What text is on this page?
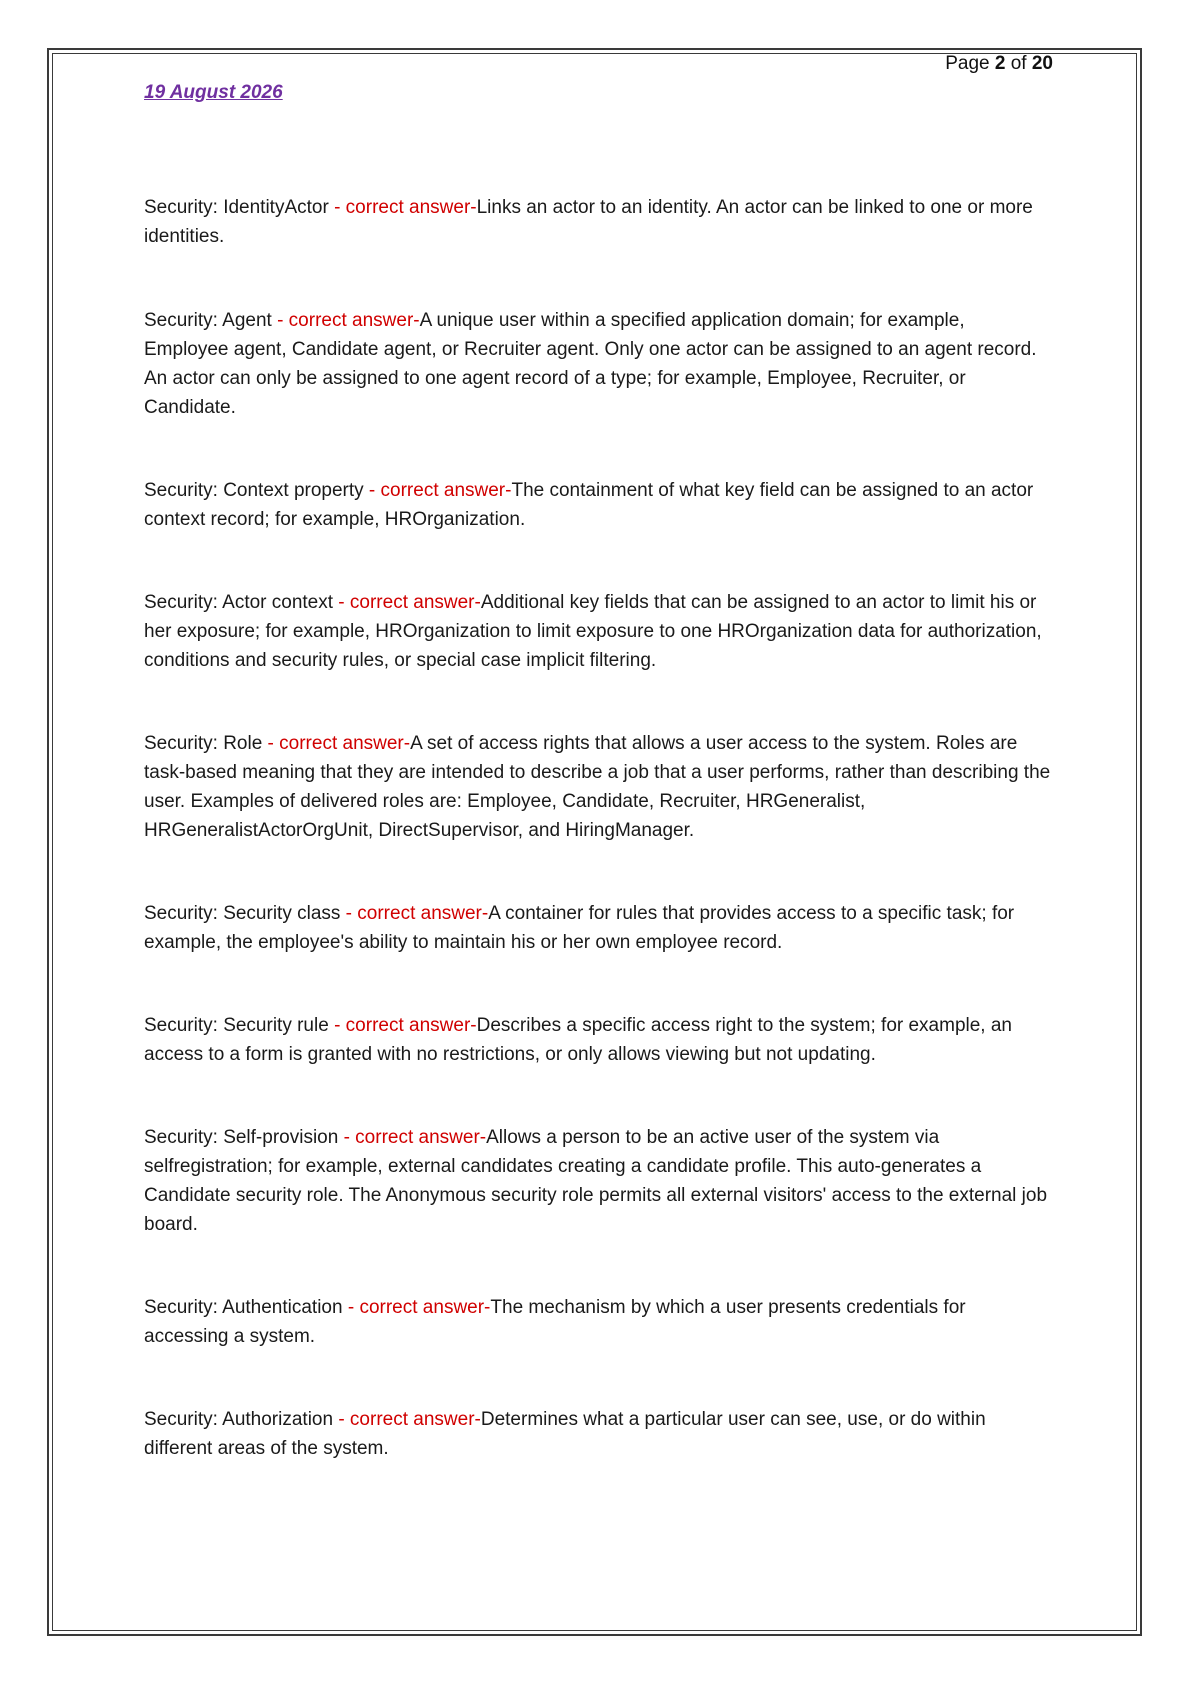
Page 2 of 20
19 August 2026

Security: IdentityActor - correct answer-Links an actor to an identity. An actor can be linked to one or more identities.

Security: Agent - correct answer-A unique user within a specified application domain; for example, Employee agent, Candidate agent, or Recruiter agent. Only one actor can be assigned to an agent record. An actor can only be assigned to one agent record of a type; for example, Employee, Recruiter, or Candidate.

Security: Context property - correct answer-The containment of what key field can be assigned to an actor context record; for example, HROrganization.

Security: Actor context - correct answer-Additional key fields that can be assigned to an actor to limit his or her exposure; for example, HROrganization to limit exposure to one HROrganization data for authorization, conditions and security rules, or special case implicit filtering.

Security: Role - correct answer-A set of access rights that allows a user access to the system. Roles are task-based meaning that they are intended to describe a job that a user performs, rather than describing the user. Examples of delivered roles are: Employee, Candidate, Recruiter, HRGeneralist, HRGeneralistActorOrgUnit, DirectSupervisor, and HiringManager.

Security: Security class - correct answer-A container for rules that provides access to a specific task; for example, the employee's ability to maintain his or her own employee record.

Security: Security rule - correct answer-Describes a specific access right to the system; for example, an access to a form is granted with no restrictions, or only allows viewing but not updating.

Security: Self-provision - correct answer-Allows a person to be an active user of the system via selfregistration; for example, external candidates creating a candidate profile. This auto-generates a Candidate security role. The Anonymous security role permits all external visitors' access to the external job board.

Security: Authentication - correct answer-The mechanism by which a user presents credentials for accessing a system.

Security: Authorization - correct answer-Determines what a particular user can see, use, or do within different areas of the system.
